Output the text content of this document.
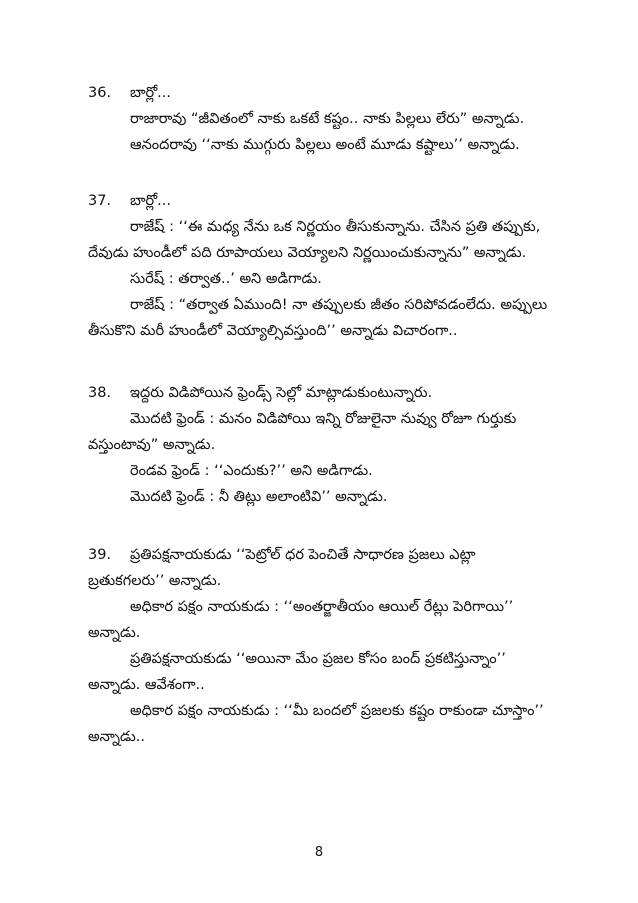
36. బార్లో...
రాజారావు “జీవితంలో నాకు ఒకటే కష్టం.. నాకు పిల్లలు లేరు” అన్నాడు.
ఆనందరావు ‘‘నాకు ముగ్గురు పిల్లలు అంటే మూడు కష్టాలు’’ అన్నాడు.
37. బార్లో...
రాజేష్ : ‘‘ఈ మధ్య నేను ఒక నిర్ణయం తీసుకున్నాను. చేసిన ప్రతి తప్పుకు,
దేవుడు హుండీలో పది రూపాయలు వెయ్యాలని నిర్ణయించుకున్నాను” అన్నాడు.
సురేష్ : తర్వాత..’ అని అడిగాడు.
రాజేష్ : “తర్వాత ఏముంది! నా తప్పులకు జీతం సరిపోవడంలేదు. అప్పులు
తీసుకొని మరీ హుండీలో వెయ్యాల్సివస్తుంది’’ అన్నాడు విచారంగా..
38. ఇద్దరు విడిపోయిన ఫ్రెండ్స్ సెల్లో మాట్లాడుకుంటున్నారు.
మొదటి ఫ్రెండ్ : మనం విడిపోయి ఇన్ని రోజులైనా నువ్వు రోజూ గుర్తుకు
వస్తుంటావు” అన్నాడు.
రెండవ ఫ్రెండ్ : ‘‘ఎందుకు?’’ అని అడిగాడు.
మొదటి ఫ్రెండ్ : నీ తిట్లు అలాంటివి’’ అన్నాడు.
39. ప్రతిపక్షనాయకుడు ‘‘పెట్రోల్ ధర పెంచితే సాధారణ ప్రజలు ఎట్లా
బ్రతుకగలరు’’ అన్నాడు.
అధికార పక్షం నాయకుడు : ‘‘అంతర్జాతీయం ఆయిల్ రేట్లు పెరిగాయి’’
అన్నాడు.
ప్రతిపక్షనాయకుడు ‘‘అయినా మేం ప్రజల కోసం బంద్ ప్రకటిస్తున్నాం’’
అన్నాడు. ఆవేశంగా..
అధికార పక్షం నాయకుడు : ‘‘మీ బందలో ప్రజలకు కష్టం రాకుండా చూస్తాం’’
అన్నాడు..
8
